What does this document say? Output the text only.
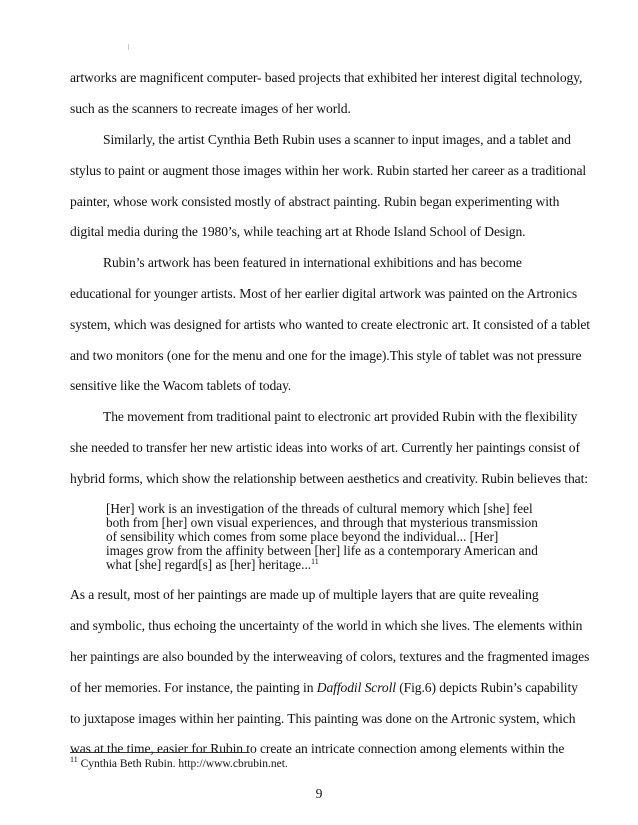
artworks are magnificent computer- based projects that exhibited her interest digital technology,
such as the scanners to recreate images of her world.
Similarly, the artist Cynthia Beth Rubin uses a scanner to input images, and a tablet and
stylus to paint or augment those images within her work. Rubin started her career as a traditional
painter, whose work consisted mostly of abstract painting. Rubin began experimenting with
digital media during the 1980’s, while teaching art at Rhode Island School of Design.
Rubin’s artwork has been featured in international exhibitions and has become
educational for younger artists. Most of her earlier digital artwork was painted on the Artronics
system, which was designed for artists who wanted to create electronic art. It consisted of a tablet
and two monitors (one for the menu and one for the image).This style of tablet was not pressure
sensitive like the Wacom tablets of today.
The movement from traditional paint to electronic art provided Rubin with the flexibility
she needed to transfer her new artistic ideas into works of art. Currently her paintings consist of
hybrid forms, which show the relationship between aesthetics and creativity. Rubin believes that:
[Her] work is an investigation of the threads of cultural memory which [she] feel
both from [her] own visual experiences, and through that mysterious transmission
of sensibility which comes from some place beyond the individual... [Her]
images grow from the affinity between [her] life as a contemporary American and
what [she] regard[s] as [her] heritage...$^{11}$
As a result, most of her paintings are made up of multiple layers that are quite revealing
and symbolic, thus echoing the uncertainty of the world in which she lives. The elements within
her paintings are also bounded by the interweaving of colors, textures and the fragmented images
of her memories. For instance, the painting in Daffodil Scroll (Fig.6) depicts Rubin’s capability
to juxtapose images within her painting. This painting was done on the Artronic system, which
was at the time, easier for Rubin to create an intricate connection among elements within the
$^{11}$ Cynthia Beth Rubin. http://www.cbrubin.net.
9
